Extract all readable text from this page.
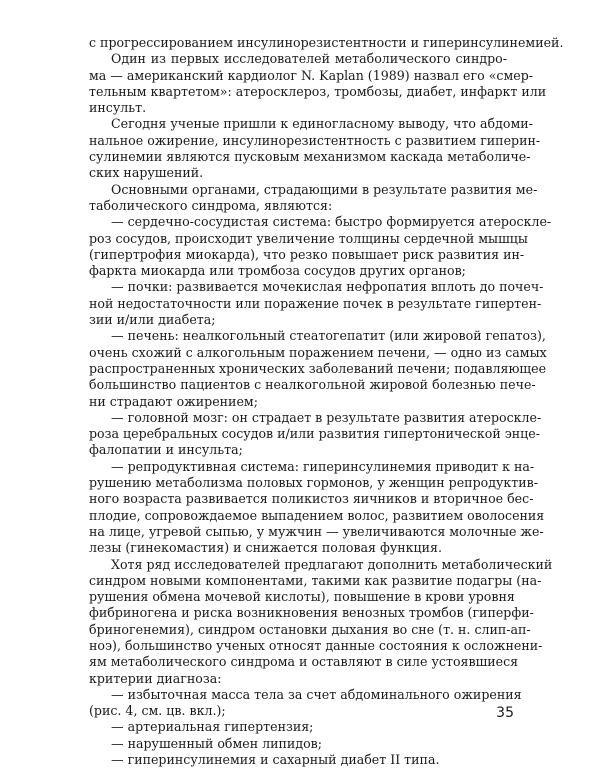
с прогрессированием инсулинорезистентности и гиперинсулинемией.
Один из первых исследователей метаболического синдро-
ма — американский кардиолог N. Kaplan (1989) назвал его «смер-
тельным квартетом»: атеросклероз, тромбозы, диабет, инфаркт или
инсульт.
Сегодня ученые пришли к единогласному выводу, что абдоми-
нальное ожирение, инсулинорезистентность с развитием гиперин-
сулинемии являются пусковым механизмом каскада метаболиче-
ских нарушений.
Основными органами, страдающими в результате развития ме-
таболического синдрома, являются:
— сердечно-сосудистая система: быстро формируется атероскле-
роз сосудов, происходит увеличение толщины сердечной мышцы
(гипертрофия миокарда), что резко повышает риск развития ин-
фаркта миокарда или тромбоза сосудов других органов;
— почки: развивается мочекислая нефропатия вплоть до почеч-
ной недостаточности или поражение почек в результате гипертен-
зии и/или диабета;
— печень: неалкогольный стеатогепатит (или жировой гепатоз),
очень схожий с алкогольным поражением печени, — одно из самых
распространенных хронических заболеваний печени; подавляющее
большинство пациентов с неалкогольной жировой болезнью пече-
ни страдают ожирением;
— головной мозг: он страдает в результате развития атероскле-
роза церебральных сосудов и/или развития гипертонической энце-
фалопатии и инсульта;
— репродуктивная система: гиперинсулинемия приводит к на-
рушению метаболизма половых гормонов, у женщин репродуктив-
ного возраста развивается поликистоз яичников и вторичное бес-
плодие, сопровождаемое выпадением волос, развитием оволосения
на лице, угревой сыпью, у мужчин — увеличиваются молочные же-
лезы (гинекомастия) и снижается половая функция.
Хотя ряд исследователей предлагают дополнить метаболический
синдром новыми компонентами, такими как развитие подагры (на-
рушения обмена мочевой кислоты), повышение в крови уровня
фибриногена и риска возникновения венозных тромбов (гиперфи-
бриногенемия), синдром остановки дыхания во сне (т. н. слип-ап-
ноэ), большинство ученых относят данные состояния к осложнени-
ям метаболического синдрома и оставляют в силе устоявшиеся
критерии диагноза:
— избыточная масса тела за счет абдоминального ожирения
(рис. 4, см. цв. вкл.);
— артериальная гипертензия;
— нарушенный обмен липидов;
— гиперинсулинемия и сахарный диабет II типа.
35
